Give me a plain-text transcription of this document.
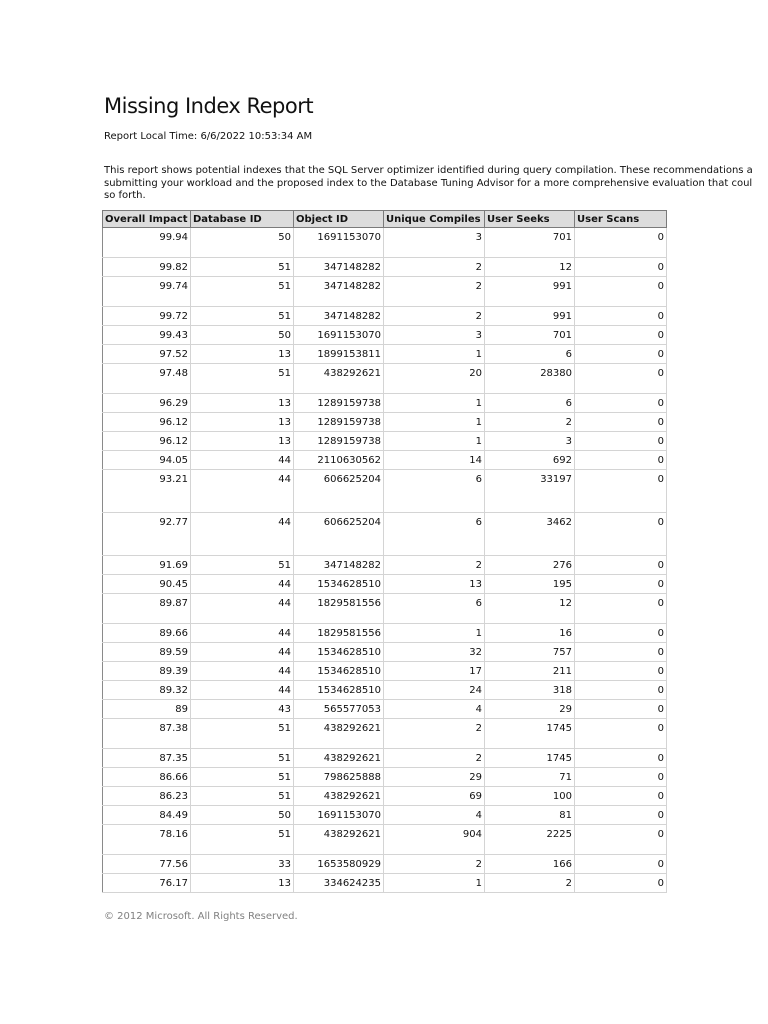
Missing Index Report
Report Local Time: 6/6/2022 10:53:34 AM
This report shows potential indexes that the SQL Server optimizer identified during query compilation. These recommendations a
submitting your workload and the proposed index to the Database Tuning Advisor for a more comprehensive evaluation that coul
so forth.
Overall Impact	Database ID	Object ID	Unique Compiles	User Seeks	User Scans
99.94	50	1691153070	3	701	0
99.82	51	347148282	2	12	0
99.74	51	347148282	2	991	0
99.72	51	347148282	2	991	0
99.43	50	1691153070	3	701	0
97.52	13	1899153811	1	6	0
97.48	51	438292621	20	28380	0
96.29	13	1289159738	1	6	0
96.12	13	1289159738	1	2	0
96.12	13	1289159738	1	3	0
94.05	44	2110630562	14	692	0
93.21	44	606625204	6	33197	0
92.77	44	606625204	6	3462	0
91.69	51	347148282	2	276	0
90.45	44	1534628510	13	195	0
89.87	44	1829581556	6	12	0
89.66	44	1829581556	1	16	0
89.59	44	1534628510	32	757	0
89.39	44	1534628510	17	211	0
89.32	44	1534628510	24	318	0
89	43	565577053	4	29	0
87.38	51	438292621	2	1745	0
87.35	51	438292621	2	1745	0
86.66	51	798625888	29	71	0
86.23	51	438292621	69	100	0
84.49	50	1691153070	4	81	0
78.16	51	438292621	904	2225	0
77.56	33	1653580929	2	166	0
76.17	13	334624235	1	2	0
© 2012 Microsoft. All Rights Reserved.
